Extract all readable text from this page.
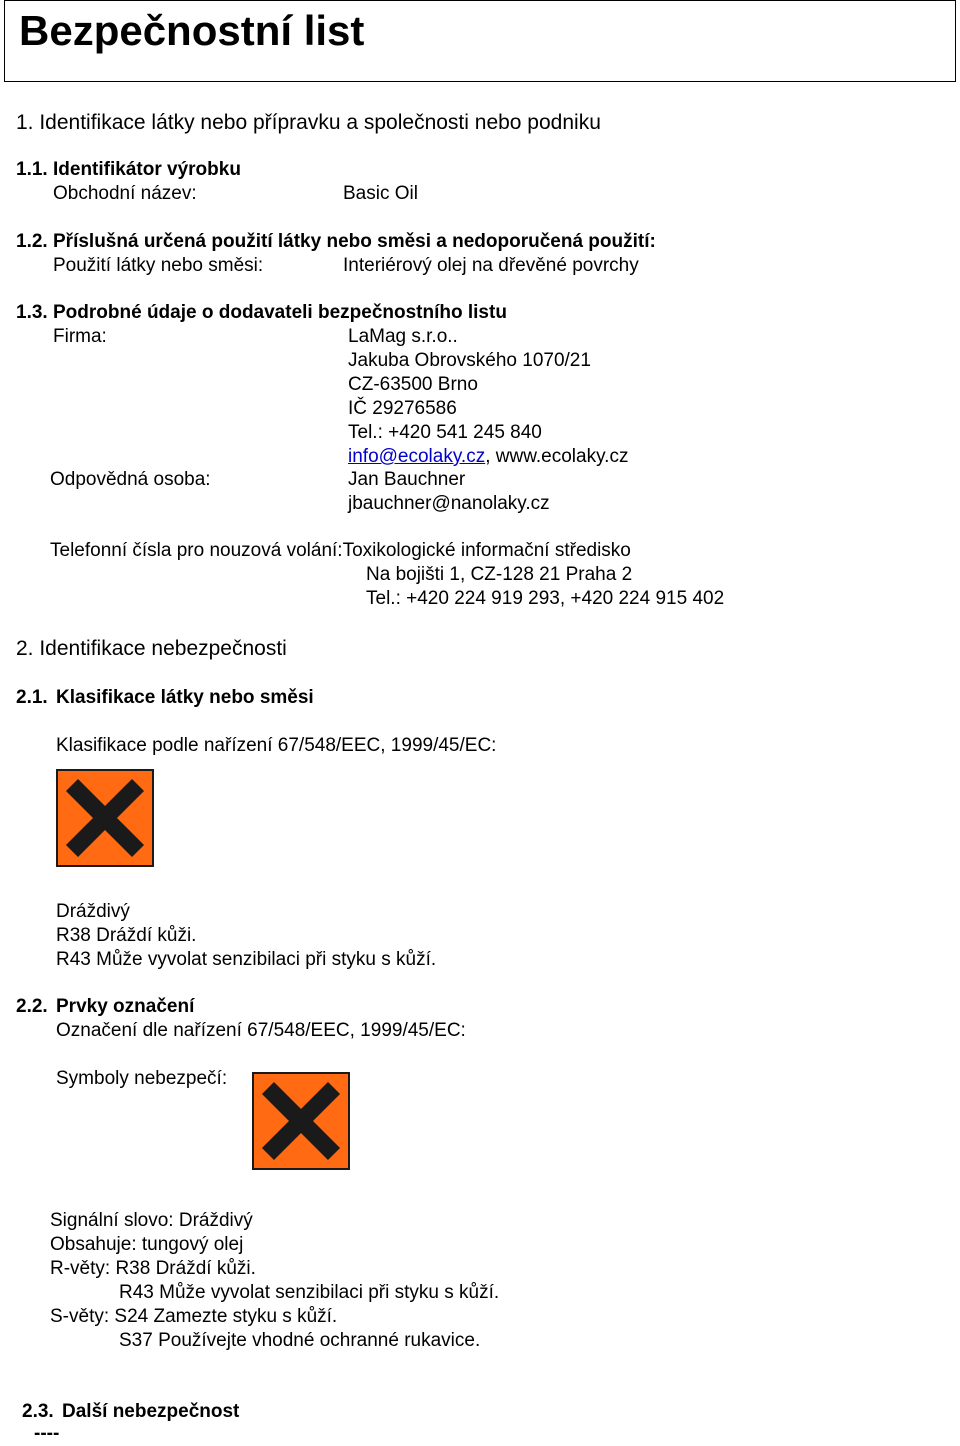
Bezpečnostní list
1. Identifikace látky nebo přípravku a společnosti nebo podniku
1.1. Identifikátor výrobku
Obchodní název:	Basic Oil
1.2. Příslušná určená použití látky nebo směsi a nedoporučená použití:
Použití látky nebo směsi:	Interiérový olej na dřevěné povrchy
1.3. Podrobné údaje o dodavateli bezpečnostního listu
Firma:	LaMag s.r.o..
Jakuba Obrovského 1070/21
CZ-63500 Brno
IČ 29276586
Tel.: +420 541 245 840
info@ecolaky.cz, www.ecolaky.cz
Odpovědná osoba:	Jan Bauchner
jbauchner@nanolaky.cz
Telefonní čísla pro nouzová volání:Toxikologické informační středisko
Na bojišti 1, CZ-128 21 Praha 2
Tel.: +420 224 919 293, +420 224 915 402
2. Identifikace nebezpečnosti
2.1. Klasifikace látky nebo směsi
Klasifikace podle nařízení 67/548/EEC, 1999/45/EC:
Dráždivý
R38 Dráždí kůži.
R43 Může vyvolat senzibilaci při styku s kůží.
2.2. Prvky označení
Označení dle nařízení 67/548/EEC, 1999/45/EC:
Symboly nebezpečí:
Signální slovo: Dráždivý
Obsahuje: tungový olej
R-věty: R38 Dráždí kůži.
R43 Může vyvolat senzibilaci při styku s kůží.
S-věty: S24 Zamezte styku s kůží.
S37 Používejte vhodné ochranné rukavice.
2.3. Další nebezpečnost
----
